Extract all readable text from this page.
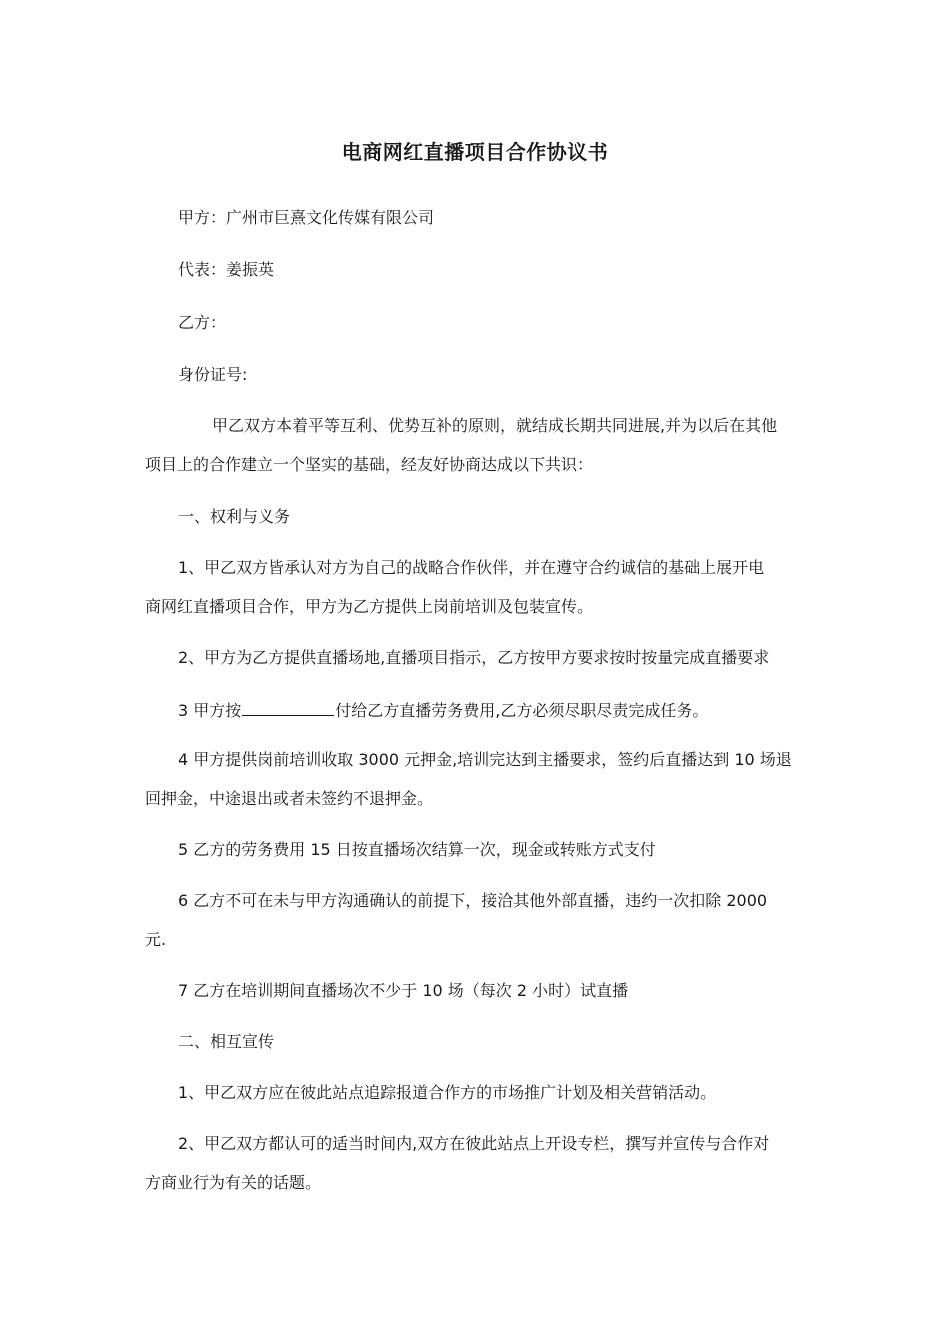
电商网红直播项目合作协议书
甲方：广州市巨熹文化传媒有限公司
代表：姜振英
乙方：
身份证号:
甲乙双方本着平等互利、优势互补的原则，就结成长期共同进展,并为以后在其他
项目上的合作建立一个坚实的基础，经友好协商达成以下共识：
一、权利与义务
1、甲乙双方皆承认对方为自己的战略合作伙伴，并在遵守合约诚信的基础上展开电
商网红直播项目合作，甲方为乙方提供上岗前培训及包装宣传。
2、甲方为乙方提供直播场地,直播项目指示，乙方按甲方要求按时按量完成直播要求
3 甲方按	付给乙方直播劳务费用,乙方必须尽职尽责完成任务。
4 甲方提供岗前培训收取 3000 元押金,培训完达到主播要求，签约后直播达到 10 场退
回押金，中途退出或者未签约不退押金。
5 乙方的劳务费用 15 日按直播场次结算一次，现金或转账方式支付
6 乙方不可在未与甲方沟通确认的前提下，接洽其他外部直播，违约一次扣除 2000
元.
7 乙方在培训期间直播场次不少于 10 场（每次 2 小时）试直播
二、相互宣传
1、甲乙双方应在彼此站点追踪报道合作方的市场推广计划及相关营销活动。
2、甲乙双方都认可的适当时间内,双方在彼此站点上开设专栏，撰写并宣传与合作对
方商业行为有关的话题。
